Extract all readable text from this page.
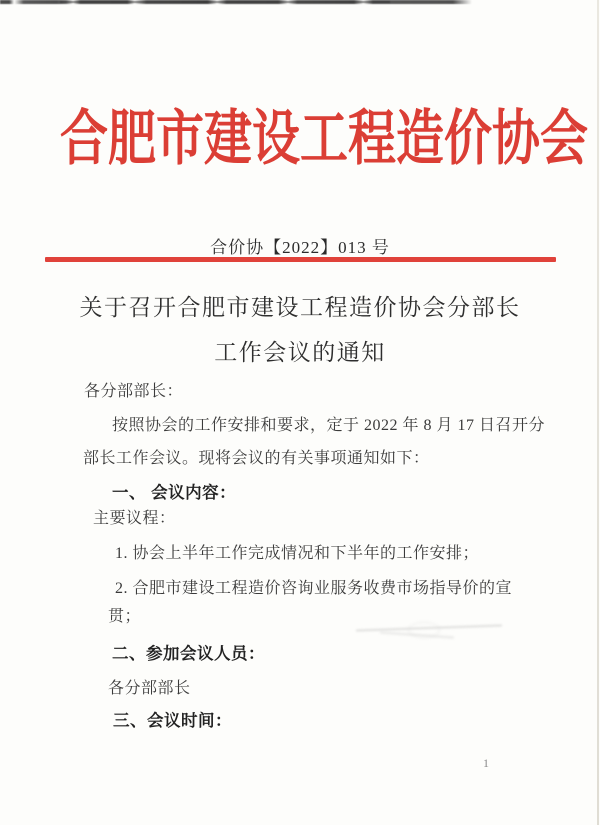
合肥市建设工程造价协会
合价协【2022】013 号
关于召开合肥市建设工程造价协会分部长
工作会议的通知
各分部部长：
按照协会的工作安排和要求，定于 2022 年 8 月 17 日召开分
部长工作会议。现将会议的有关事项通知如下：
一、 会议内容：
主要议程：
1. 协会上半年工作完成情况和下半年的工作安排；
2. 合肥市建设工程造价咨询业服务收费市场指导价的宣
贯；
二、参加会议人员：
各分部部长
三、会议时间：
1
